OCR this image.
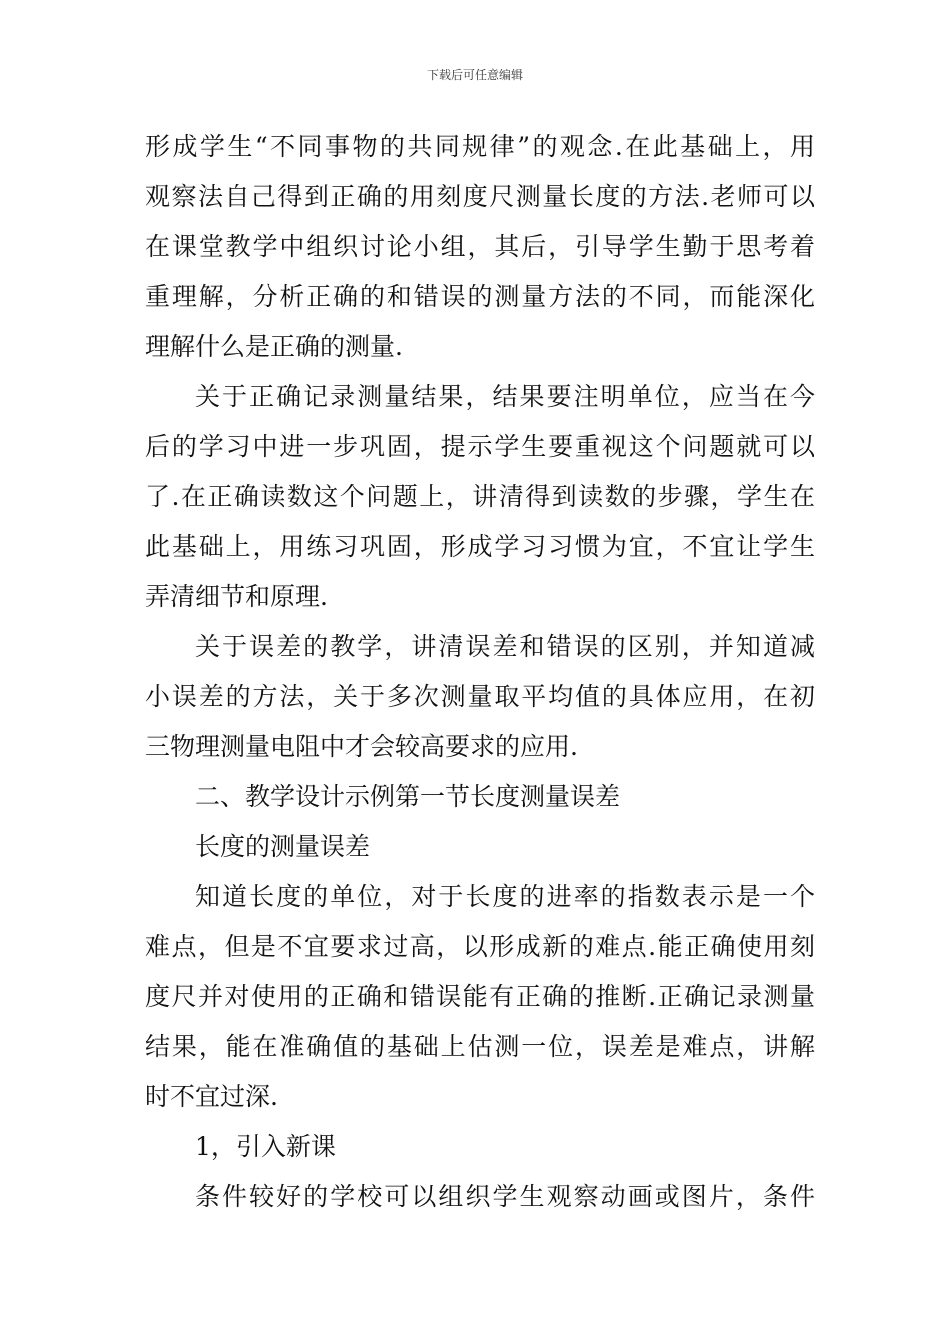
下载后可任意编辑
形成学生“不同事物的共同规律”的观念.在此基础上，用
观察法自己得到正确的用刻度尺测量长度的方法.老师可以
在课堂教学中组织讨论小组，其后，引导学生勤于思考着
重理解，分析正确的和错误的测量方法的不同，而能深化
理解什么是正确的测量.
关于正确记录测量结果，结果要注明单位，应当在今
后的学习中进一步巩固，提示学生要重视这个问题就可以
了.在正确读数这个问题上，讲清得到读数的步骤，学生在
此基础上，用练习巩固，形成学习习惯为宜，不宜让学生
弄清细节和原理.
关于误差的教学，讲清误差和错误的区别，并知道减
小误差的方法，关于多次测量取平均值的具体应用，在初
三物理测量电阻中才会较高要求的应用.
二、教学设计示例第一节长度测量误差
长度的测量误差
知道长度的单位，对于长度的进率的指数表示是一个
难点，但是不宜要求过高，以形成新的难点.能正确使用刻
度尺并对使用的正确和错误能有正确的推断.正确记录测量
结果，能在准确值的基础上估测一位，误差是难点，讲解
时不宜过深.
1，引入新课
条件较好的学校可以组织学生观察动画或图片，条件
